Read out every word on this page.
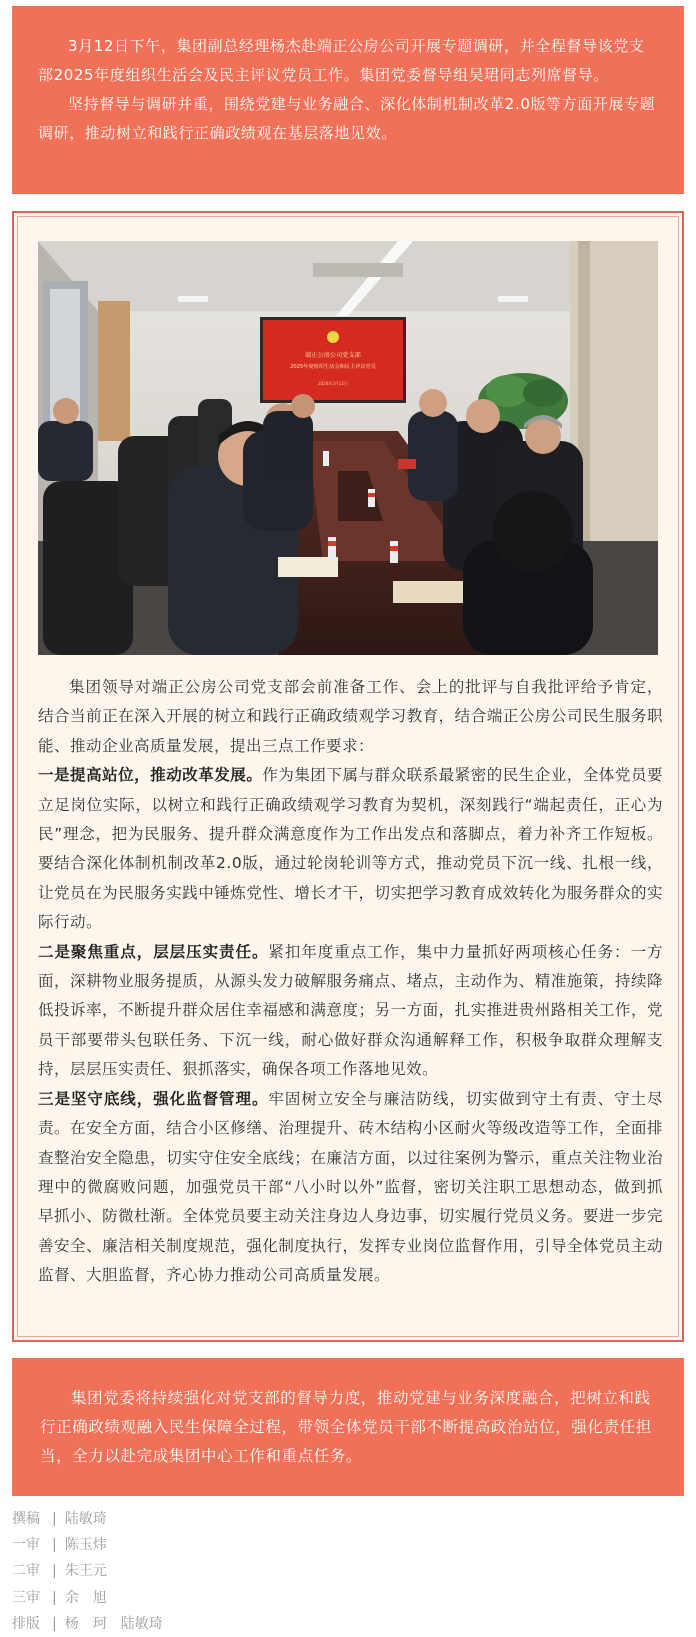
3月12日下午，集团副总经理杨杰赴端正公房公司开展专题调研，并全程督导该党支部2025年度组织生活会及民主评议党员工作。集团党委督导组吴珺同志列席督导。

坚持督导与调研并重，围绕党建与业务融合、深化体制机制改革2.0版等方面开展专题调研，推动树立和践行正确政绩观在基层落地见效。

端正公房公司党支部
2025年度组织生活会和民主评议党员
2026年3月12日

集团领导对端正公房公司党支部会前准备工作、会上的批评与自我批评给予肯定， 结合当前正在深入开展的树立和践行正确政绩观学习教育，结合端正公房公司民生服务职能、推动企业高质量发展，提出三点工作要求：

一是提高站位，推动改革发展。作为集团下属与群众联系最紧密的民生企业，全体党员要立足岗位实际，以树立和践行正确政绩观学习教育为契机，深刻践行“端起责任，正心为民”理念，把为民服务、提升群众满意度作为工作出发点和落脚点，着力补齐工作短板。要结合深化体制机制改革2.0版，通过轮岗轮训等方式，推动党员下沉一线、扎根一线，让党员在为民服务实践中锤炼党性、增长才干，切实把学习教育成效转化为服务群众的实际行动。

二是聚焦重点，层层压实责任。紧扣年度重点工作，集中力量抓好两项核心任务：一方面，深耕物业服务提质，从源头发力破解服务痛点、堵点，主动作为、精准施策，持续降低投诉率，不断提升群众居住幸福感和满意度；另一方面，扎实推进贵州路相关工作，党员干部要带头包联任务、下沉一线，耐心做好群众沟通解释工作，积极争取群众理解支持，层层压实责任、狠抓落实，确保各项工作落地见效。

三是坚守底线，强化监督管理。牢固树立安全与廉洁防线，切实做到守土有责、守土尽责。在安全方面，结合小区修缮、治理提升、砖木结构小区耐火等级改造等工作，全面排查整治安全隐患，切实守住安全底线；在廉洁方面，以过往案例为警示，重点关注物业治理中的微腐败问题，加强党员干部“八小时以外”监督，密切关注职工思想动态，做到抓早抓小、防微杜渐。全体党员要主动关注身边人身边事，切实履行党员义务。要进一步完善安全、廉洁相关制度规范，强化制度执行，发挥专业岗位监督作用，引导全体党员主动监督、大胆监督，齐心协力推动公司高质量发展。

集团党委将持续强化对党支部的督导力度，推动党建与业务深度融合，把树立和践行正确政绩观融入民生保障全过程，带领全体党员干部不断提高政治站位，强化责任担当，全力以赴完成集团中心工作和重点任务。

撰稿 | 陆敏琦
一审 | 陈玉炜
二审 | 朱王元
三审 | 余　旭
排版 | 杨　珂　陆敏琦
